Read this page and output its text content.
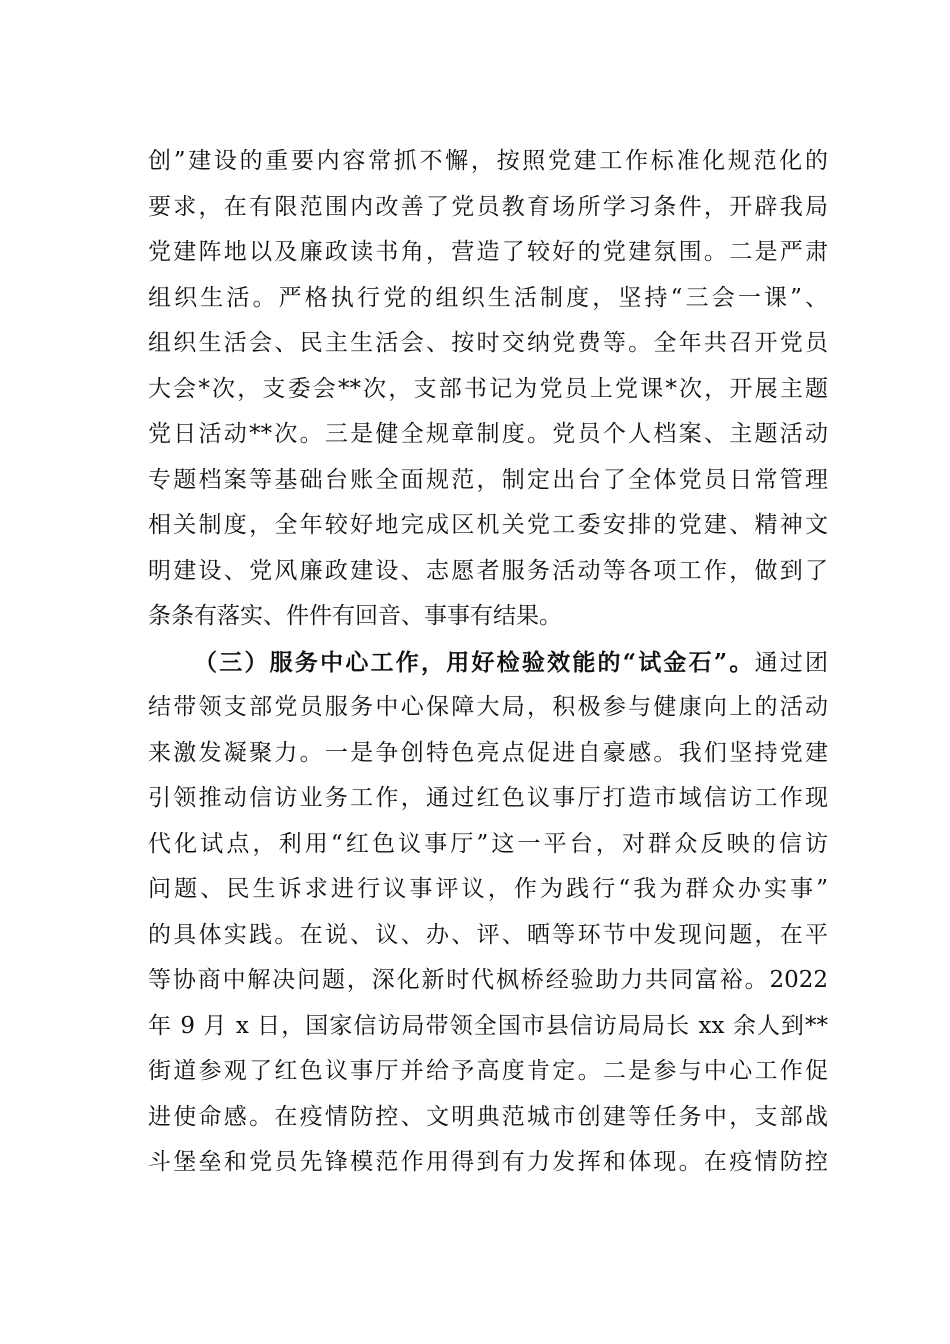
创”建设的重要内容常抓不懈，按照党建工作标准化规范化的
要求，在有限范围内改善了党员教育场所学习条件，开辟我局
党建阵地以及廉政读书角，营造了较好的党建氛围。二是严肃
组织生活。严格执行党的组织生活制度，坚持“三会一课”、
组织生活会、民主生活会、按时交纳党费等。全年共召开党员
大会*次，支委会**次，支部书记为党员上党课*次，开展主题
党日活动**次。三是健全规章制度。党员个人档案、主题活动
专题档案等基础台账全面规范，制定出台了全体党员日常管理
相关制度，全年较好地完成区机关党工委安排的党建、精神文
明建设、党风廉政建设、志愿者服务活动等各项工作，做到了
条条有落实、件件有回音、事事有结果。
（三）服务中心工作，用好检验效能的“试金石”。通过团
结带领支部党员服务中心保障大局，积极参与健康向上的活动
来激发凝聚力。一是争创特色亮点促进自豪感。我们坚持党建
引领推动信访业务工作，通过红色议事厅打造市域信访工作现
代化试点，利用“红色议事厅”这一平台，对群众反映的信访
问题、民生诉求进行议事评议，作为践行“我为群众办实事”
的具体实践。在说、议、办、评、晒等环节中发现问题，在平
等协商中解决问题，深化新时代枫桥经验助力共同富裕。2022
年 9 月 x 日，国家信访局带领全国市县信访局局长 xx 余人到**
街道参观了红色议事厅并给予高度肯定。二是参与中心工作促
进使命感。在疫情防控、文明典范城市创建等任务中，支部战
斗堡垒和党员先锋模范作用得到有力发挥和体现。在疫情防控
